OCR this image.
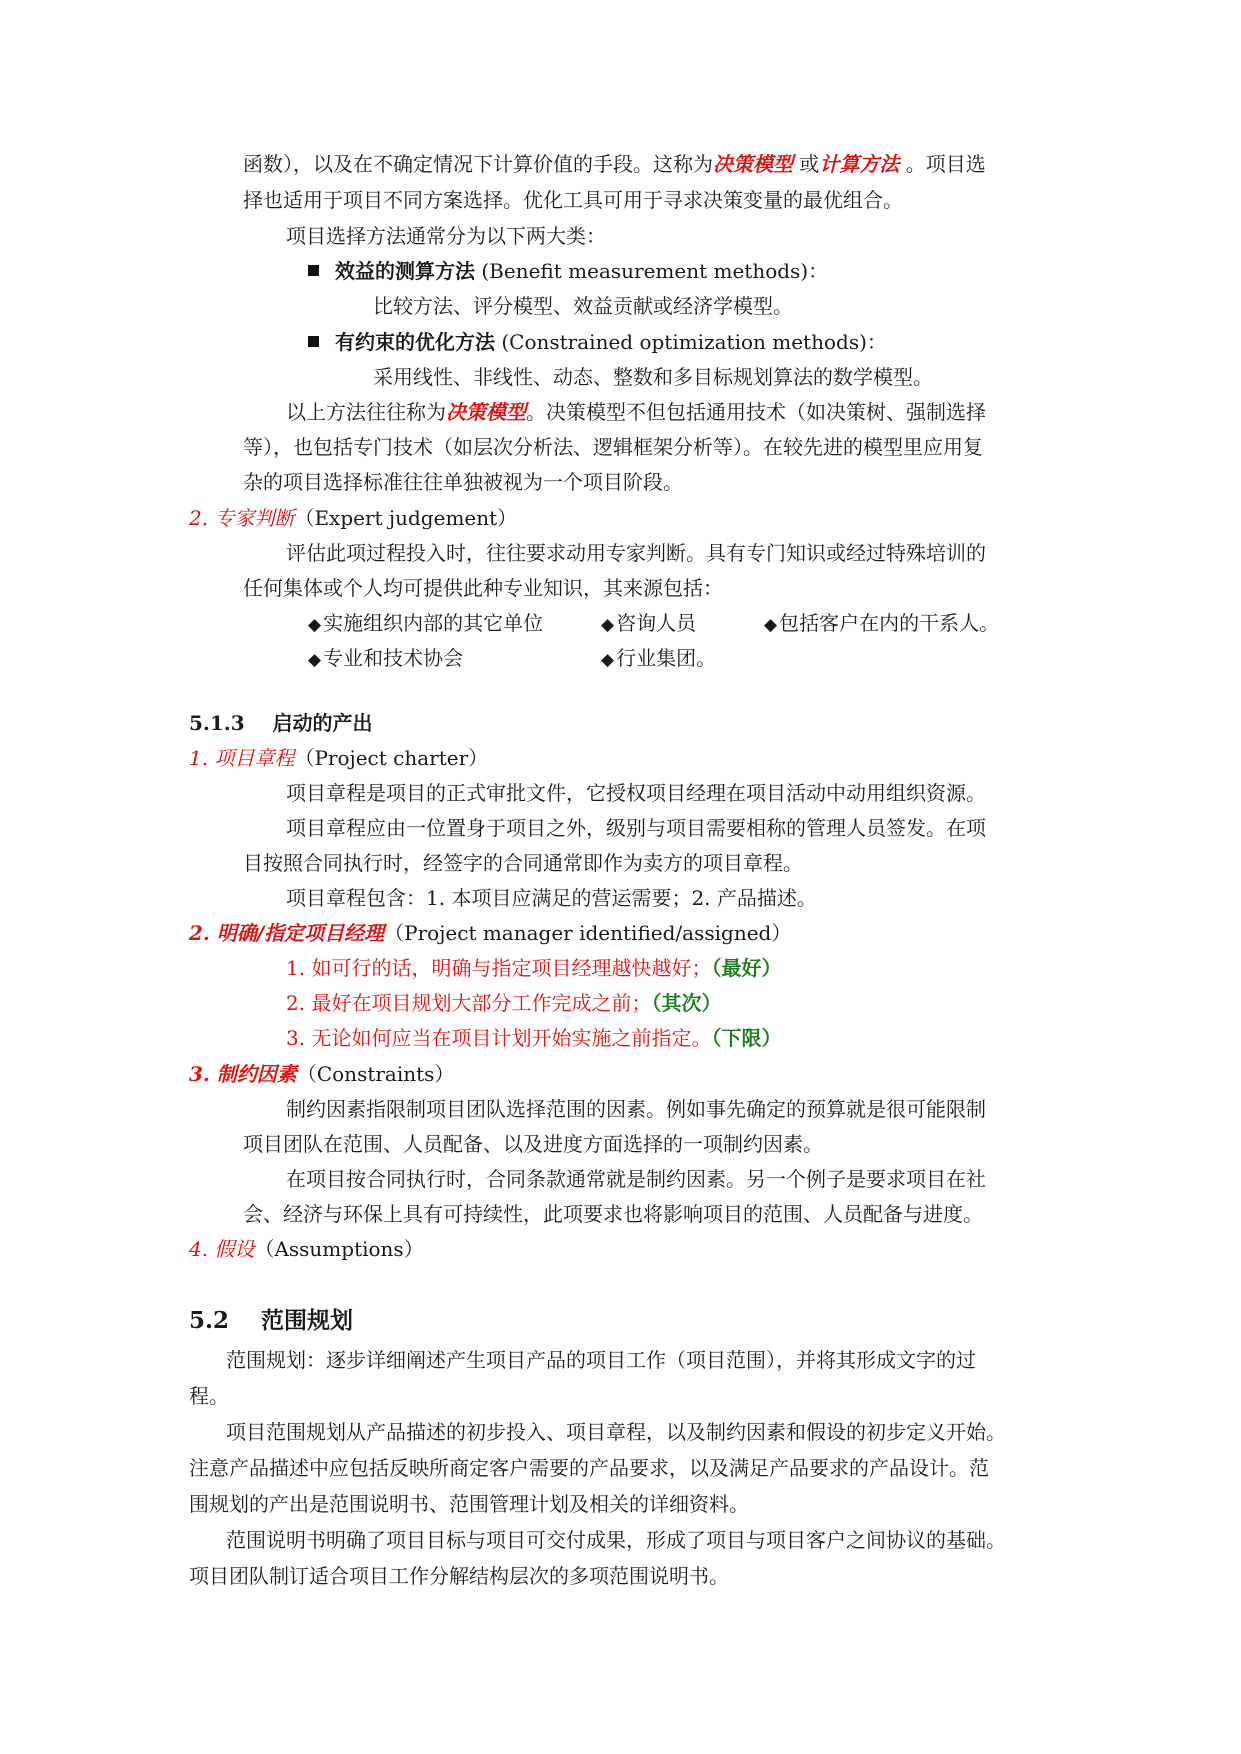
函数），以及在不确定情况下计算价值的手段。这称为决策模型 或计算方法 。项目选
择也适用于项目不同方案选择。优化工具可用于寻求决策变量的最优组合。
项目选择方法通常分为以下两大类：
效益的测算方法 (Benefit measurement methods)：
比较方法、评分模型、效益贡献或经济学模型。
有约束的优化方法 (Constrained optimization methods)：
采用线性、非线性、动态、整数和多目标规划算法的数学模型。
以上方法往往称为决策模型。决策模型不但包括通用技术（如决策树、强制选择
等），也包括专门技术（如层次分析法、逻辑框架分析等）。在较先进的模型里应用复
杂的项目选择标准往往单独被视为一个项目阶段。
2. 专家判断（Expert judgement）
评估此项过程投入时，往往要求动用专家判断。具有专门知识或经过特殊培训的
任何集体或个人均可提供此种专业知识，其来源包括：
◆ 实施组织内部的其它单位	◆ 咨询人员	◆ 包括客户在内的干系人。
◆ 专业和技术协会	◆ 行业集团。
5.1.3    启动的产出
1. 项目章程（Project charter）
项目章程是项目的正式审批文件，它授权项目经理在项目活动中动用组织资源。
项目章程应由一位置身于项目之外，级别与项目需要相称的管理人员签发。在项
目按照合同执行时，经签字的合同通常即作为卖方的项目章程。
项目章程包含：1. 本项目应满足的营运需要；2. 产品描述。
2. 明确/指定项目经理（Project manager identified/assigned）
1. 如可行的话，明确与指定项目经理越快越好；（最好）
2. 最好在项目规划大部分工作完成之前；（其次）
3. 无论如何应当在项目计划开始实施之前指定。（下限）
3. 制约因素（Constraints）
制约因素指限制项目团队选择范围的因素。例如事先确定的预算就是很可能限制
项目团队在范围、人员配备、以及进度方面选择的一项制约因素。
在项目按合同执行时，合同条款通常就是制约因素。另一个例子是要求项目在社
会、经济与环保上具有可持续性，此项要求也将影响项目的范围、人员配备与进度。
4. 假设（Assumptions）
5.2    范围规划
范围规划：逐步详细阐述产生项目产品的项目工作（项目范围），并将其形成文字的过
程。
项目范围规划从产品描述的初步投入、项目章程，以及制约因素和假设的初步定义开始。
注意产品描述中应包括反映所商定客户需要的产品要求，以及满足产品要求的产品设计。范
围规划的产出是范围说明书、范围管理计划及相关的详细资料。
范围说明书明确了项目目标与项目可交付成果，形成了项目与项目客户之间协议的基础。
项目团队制订适合项目工作分解结构层次的多项范围说明书。
